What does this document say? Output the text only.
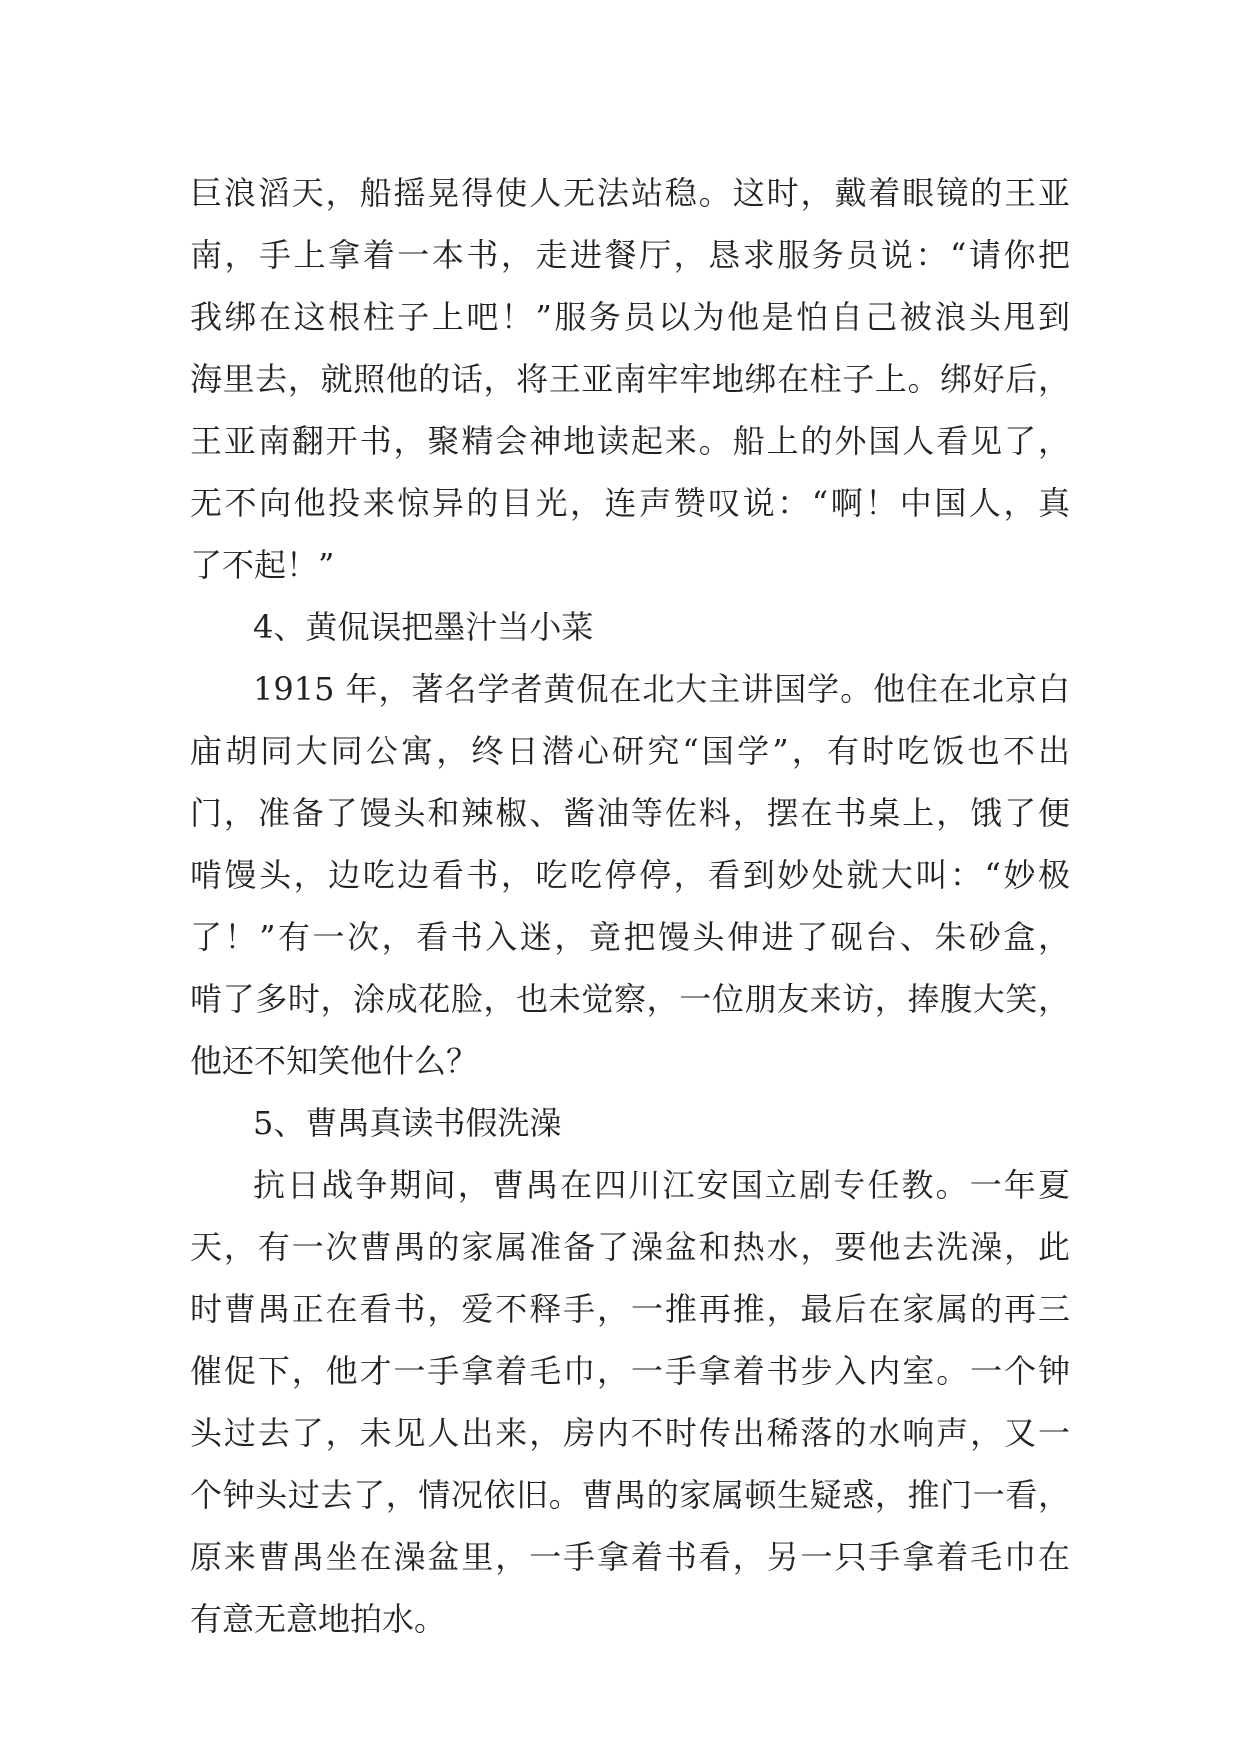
巨浪滔天，船摇晃得使人无法站稳。这时，戴着眼镜的王亚
南，手上拿着一本书，走进餐厅，恳求服务员说：“请你把
我绑在这根柱子上吧！”服务员以为他是怕自己被浪头甩到
海里去，就照他的话，将王亚南牢牢地绑在柱子上。绑好后，
王亚南翻开书，聚精会神地读起来。船上的外国人看见了，
无不向他投来惊异的目光，连声赞叹说：“啊！中国人，真
了不起！”
4、黄侃误把墨汁当小菜
1915 年，著名学者黄侃在北大主讲国学。他住在北京白
庙胡同大同公寓，终日潜心研究“国学”，有时吃饭也不出
门，准备了馒头和辣椒、酱油等佐料，摆在书桌上，饿了便
啃馒头，边吃边看书，吃吃停停，看到妙处就大叫：“妙极
了！”有一次，看书入迷，竟把馒头伸进了砚台、朱砂盒，
啃了多时，涂成花脸，也未觉察，一位朋友来访，捧腹大笑，
他还不知笑他什么？
5、曹禺真读书假洗澡
抗日战争期间，曹禺在四川江安国立剧专任教。一年夏
天，有一次曹禺的家属准备了澡盆和热水，要他去洗澡，此
时曹禺正在看书，爱不释手，一推再推，最后在家属的再三
催促下，他才一手拿着毛巾，一手拿着书步入内室。一个钟
头过去了，未见人出来，房内不时传出稀落的水响声，又一
个钟头过去了，情况依旧。曹禺的家属顿生疑惑，推门一看，
原来曹禺坐在澡盆里，一手拿着书看，另一只手拿着毛巾在
有意无意地拍水。
